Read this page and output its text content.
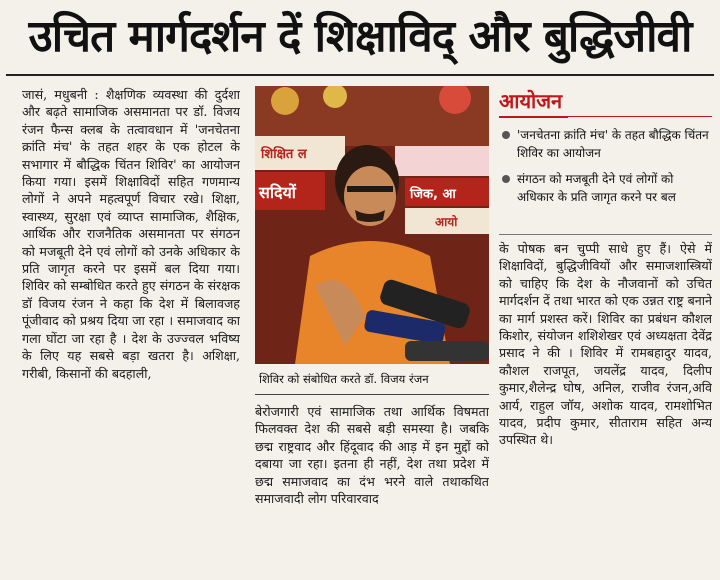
उचित मार्गदर्शन दें शिक्षाविद् और बुद्धिजीवी

जासं, मधुबनी : शैक्षणिक व्यवस्था की दुर्दशा और बढ़ते सामाजिक असमानता पर डॉ. विजय रंजन फैन्स क्लब के तत्वावधान में 'जनचेतना क्रांति मंच' के तहत शहर के एक होटल के सभागार में बौद्धिक चिंतन शिविर' का आयोजन किया गया। इसमें शिक्षाविदों सहित गणमान्य लोगों ने अपने महत्वपूर्ण विचार रखे। शिक्षा, स्वास्थ्य, सुरक्षा एवं व्याप्त सामाजिक, शैक्षिक, आर्थिक और राजनैतिक असमानता पर संगठन को मजबूती देने एवं लोगों को उनके अधिकार के प्रति जागृत करने पर इसमें बल दिया गया। शिविर को सम्बोधित करते हुए संगठन के संरक्षक डॉ विजय रंजन ने कहा कि देश में बिलावजह पूंजीवाद को प्रश्रय दिया जा रहा । समाजवाद का गला घोंटा जा रहा है । देश के उज्ज्वल भविष्य के लिए यह सबसे बड़ा खतरा है। अशिक्षा, गरीबी, किसानों की बदहाली,

शिक्षित ल
सदियों	जिक, आ
आयो
शिविर को संबोधित करते डॉ. विजय रंजन

बेरोजगारी एवं सामाजिक तथा आर्थिक विषमता फिलवक्त देश की सबसे बड़ी समस्या है। जबकि छद्म राष्ट्रवाद और हिंदूवाद की आड़ में इन मुद्दों को दबाया जा रहा। इतना ही नहीं, देश तथा प्रदेश में छद्म समाजवाद का दंभ भरने वाले तथाकथित समाजवादी लोग परिवारवाद

आयोजन
'जनचेतना क्रांति मंच' के तहत बौद्धिक चिंतन शिविर का आयोजन
संगठन को मजबूती देने एवं लोगों को अधिकार के प्रति जागृत करने पर बल

के पोषक बन चुप्पी साधे हुए हैं। ऐसे में शिक्षाविदों, बुद्धिजीवियों और समाजशास्त्रियों को चाहिए कि देश के नौजवानों को उचित मार्गदर्शन दें तथा भारत को एक उन्नत राष्ट्र बनाने का मार्ग प्रशस्त करें। शिविर का प्रबंधन कौशल किशोर, संयोजन शशिशेखर एवं अध्यक्षता देवेंद्र प्रसाद ने की । शिविर में रामबहादुर यादव, कौशल राजपूत, जयलेंद्र यादव, दिलीप कुमार,शैलेन्द्र घोष, अनिल, राजीव रंजन,अवि आर्य, राहुल जॉय, अशोक यादव, रामशोभित यादव, प्रदीप कुमार, सीताराम सहित अन्य उपस्थित थे।
